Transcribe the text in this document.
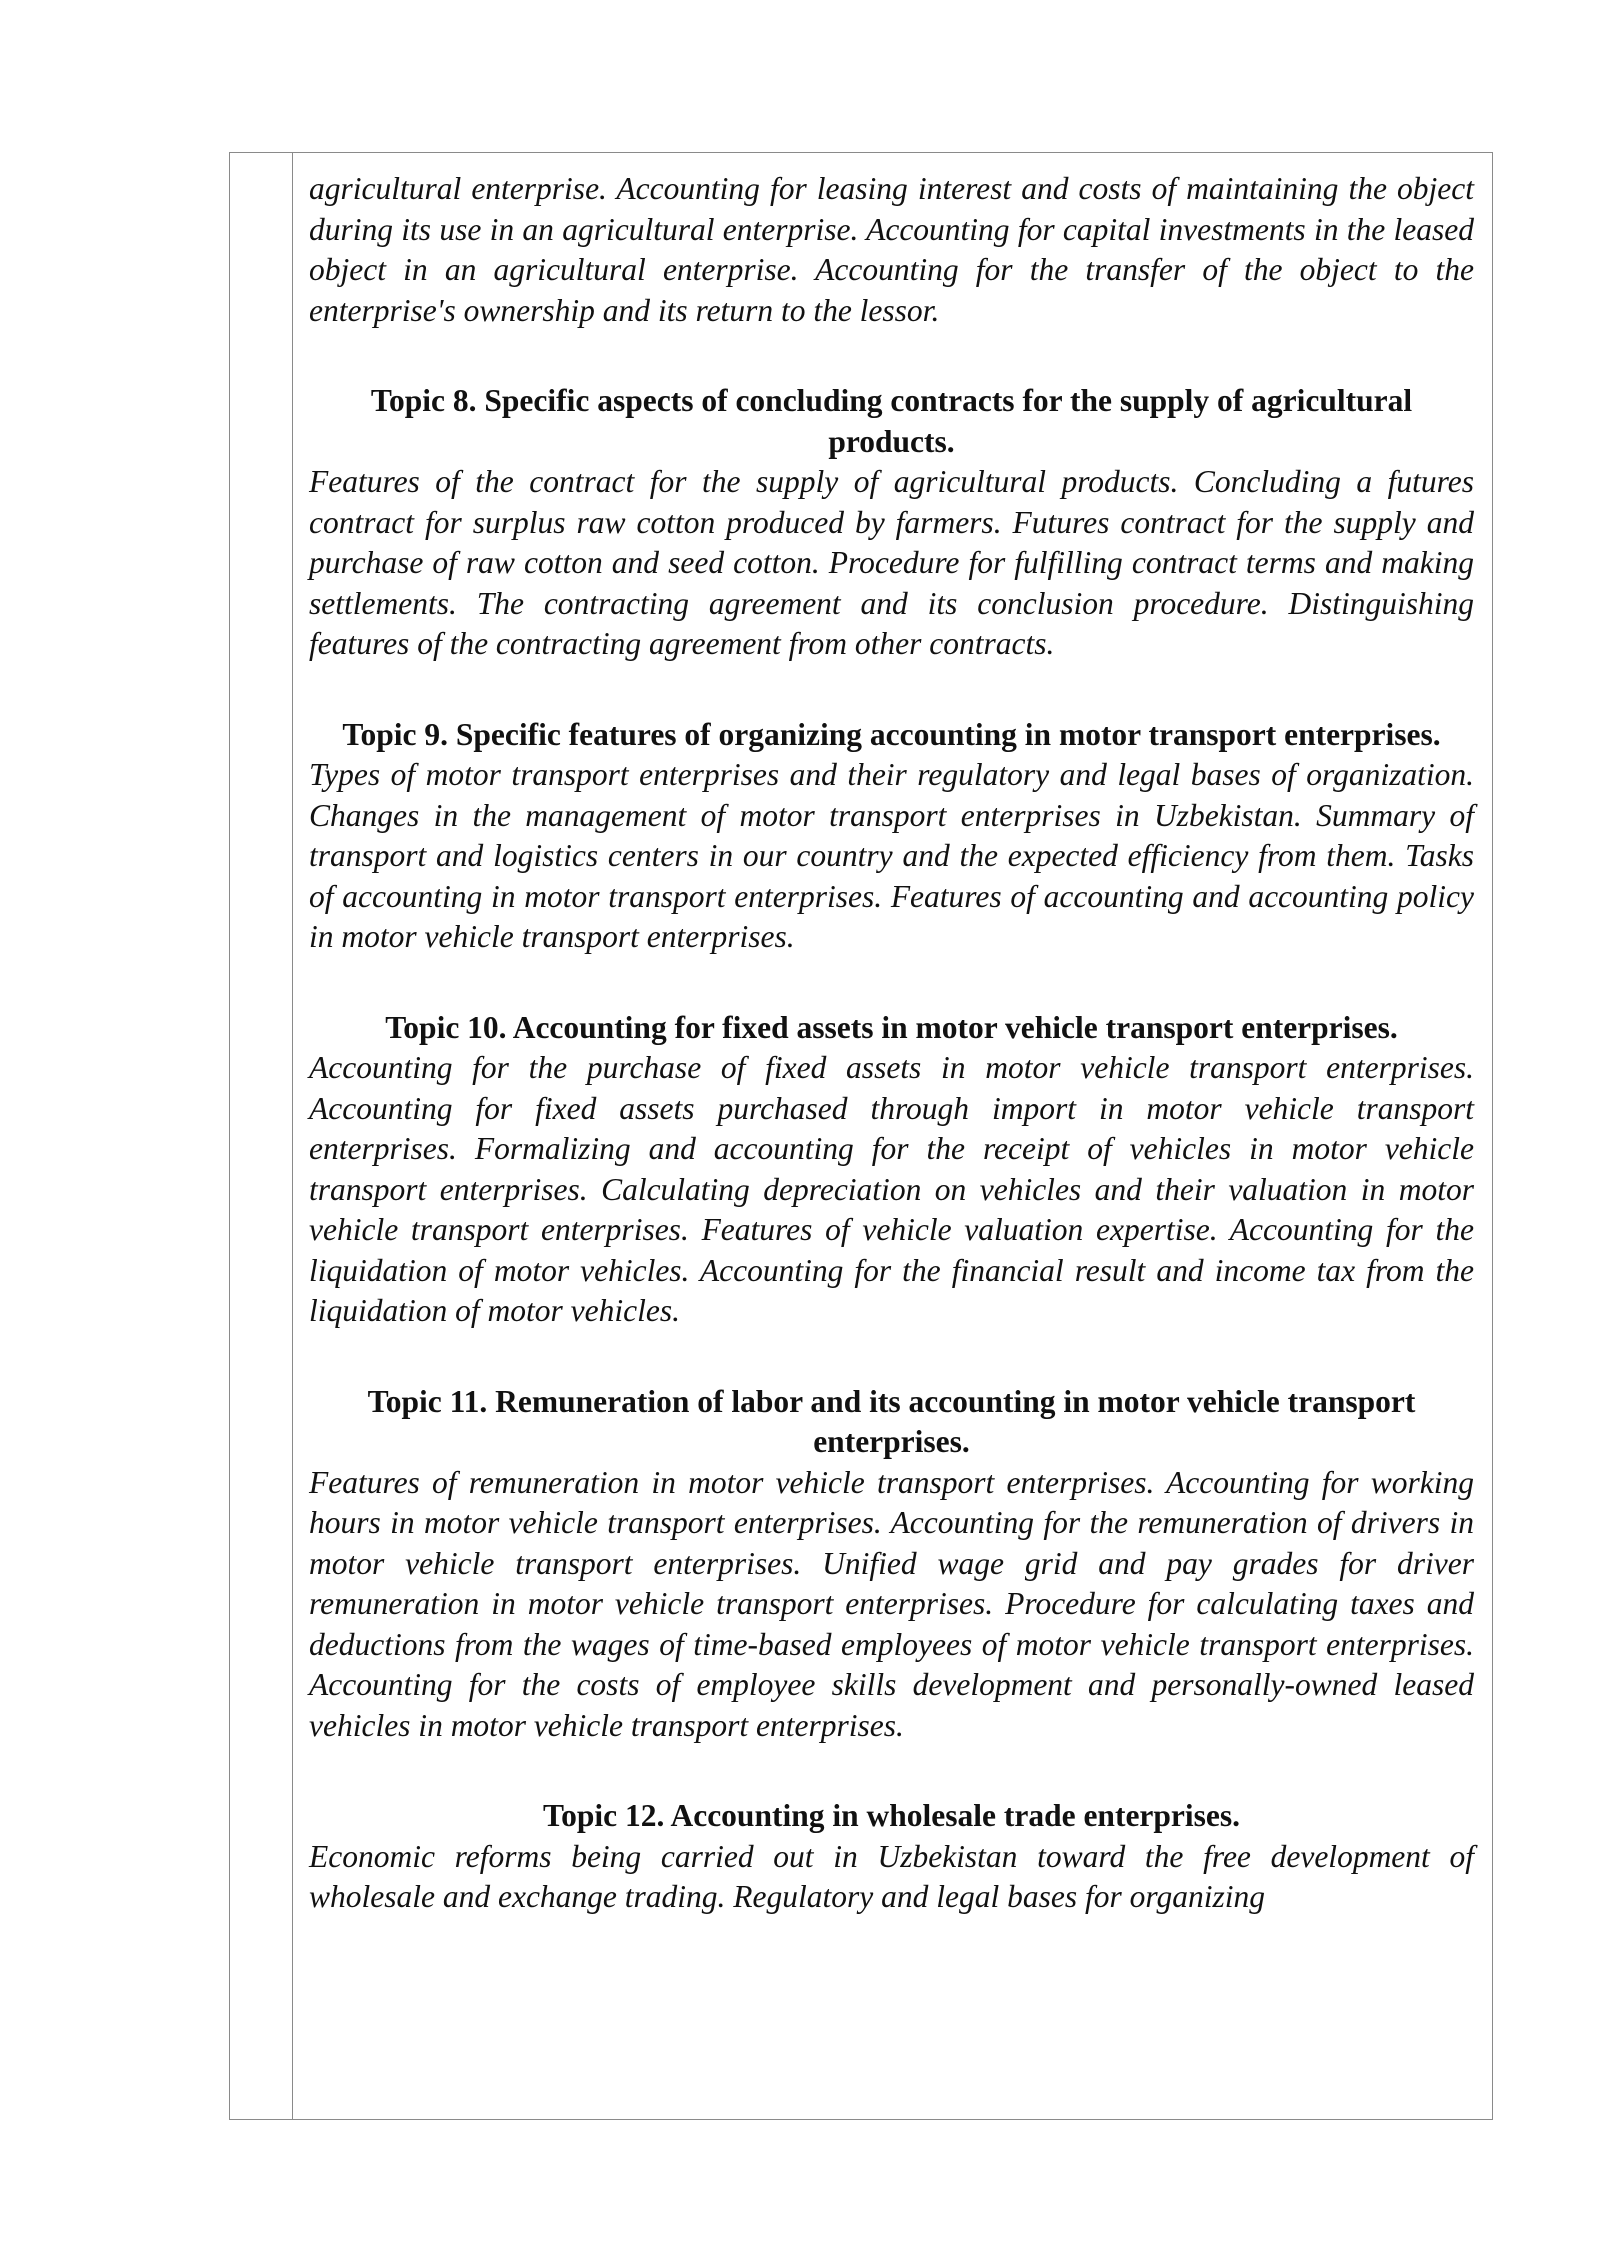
agricultural enterprise. Accounting for leasing interest and costs of maintaining the object during its use in an agricultural enterprise. Accounting for capital investments in the leased object in an agricultural enterprise. Accounting for the transfer of the object to the enterprise's ownership and its return to the lessor.

Topic 8. Specific aspects of concluding contracts for the supply of agricultural products.

Features of the contract for the supply of agricultural products. Concluding a futures contract for surplus raw cotton produced by farmers. Futures contract for the supply and purchase of raw cotton and seed cotton. Procedure for fulfilling contract terms and making settlements. The contracting agreement and its conclusion procedure. Distinguishing features of the contracting agreement from other contracts.

Topic 9. Specific features of organizing accounting in motor transport enterprises.

Types of motor transport enterprises and their regulatory and legal bases of organization. Changes in the management of motor transport enterprises in Uzbekistan. Summary of transport and logistics centers in our country and the expected efficiency from them. Tasks of accounting in motor transport enterprises. Features of accounting and accounting policy in motor vehicle transport enterprises.

Topic 10. Accounting for fixed assets in motor vehicle transport enterprises.

Accounting for the purchase of fixed assets in motor vehicle transport enterprises. Accounting for fixed assets purchased through import in motor vehicle transport enterprises. Formalizing and accounting for the receipt of vehicles in motor vehicle transport enterprises. Calculating depreciation on vehicles and their valuation in motor vehicle transport enterprises. Features of vehicle valuation expertise. Accounting for the liquidation of motor vehicles. Accounting for the financial result and income tax from the liquidation of motor vehicles.

Topic 11. Remuneration of labor and its accounting in motor vehicle transport enterprises.

Features of remuneration in motor vehicle transport enterprises. Accounting for working hours in motor vehicle transport enterprises. Accounting for the remuneration of drivers in motor vehicle transport enterprises. Unified wage grid and pay grades for driver remuneration in motor vehicle transport enterprises. Procedure for calculating taxes and deductions from the wages of time-based employees of motor vehicle transport enterprises. Accounting for the costs of employee skills development and personally-owned leased vehicles in motor vehicle transport enterprises.

Topic 12. Accounting in wholesale trade enterprises.

Economic reforms being carried out in Uzbekistan toward the free development of wholesale and exchange trading. Regulatory and legal bases for organizing
